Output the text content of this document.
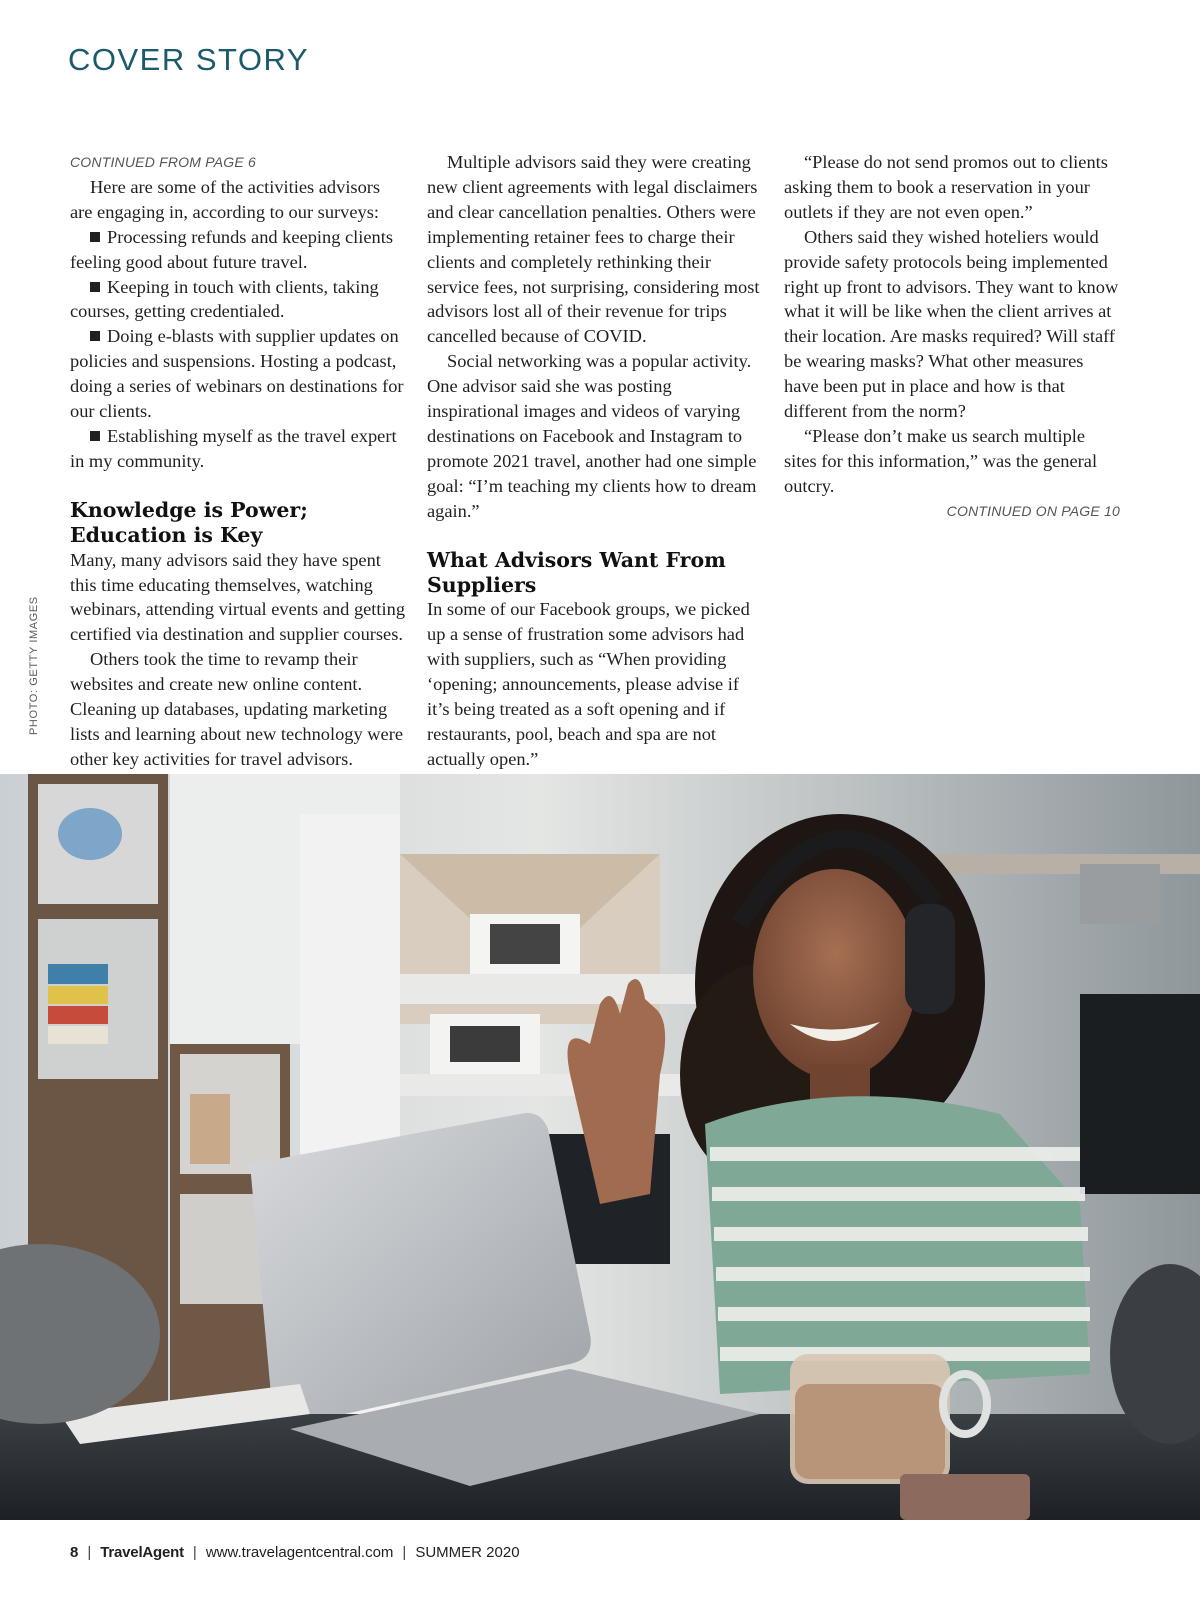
COVER STORY
PHOTO: GETTY IMAGES

CONTINUED FROM PAGE 6

Here are some of the activities advisors are engaging in, according to our surveys:

Processing refunds and keeping clients feeling good about future travel.

Keeping in touch with clients, taking courses, getting credentialed.

Doing e-blasts with supplier updates on policies and suspensions. Hosting a podcast, doing a series of webinars on destinations for our clients.

Establishing myself as the travel expert in my community.

Knowledge is Power; Education is Key

Many, many advisors said they have spent this time educating themselves, watching webinars, attending virtual events and getting certified via destination and supplier courses.

Others took the time to revamp their websites and create new online content. Cleaning up databases, updating marketing lists and learning about new technology were other key activities for travel advisors.

Multiple advisors said they were creating new client agreements with legal disclaimers and clear cancellation penalties. Others were implementing retainer fees to charge their clients and completely rethinking their service fees, not surprising, considering most advisors lost all of their revenue for trips cancelled because of COVID.

Social networking was a popular activity. One advisor said she was posting inspirational images and videos of varying destinations on Facebook and Instagram to promote 2021 travel, another had one simple goal: “I’m teaching my clients how to dream again.”

What Advisors Want From Suppliers

In some of our Facebook groups, we picked up a sense of frustration some advisors had with suppliers, such as “When providing ‘opening; announcements, please advise if it’s being treated as a soft opening and if restaurants, pool, beach and spa are not actually open.”

“Please do not send promos out to clients asking them to book a reservation in your outlets if they are not even open.”

Others said they wished hoteliers would provide safety protocols being implemented right up front to advisors. They want to know what it will be like when the client arrives at their location. Are masks required? Will staff be wearing masks? What other measures have been put in place and how is that different from the norm?

“Please don’t make us search multiple sites for this information,” was the general outcry.

CONTINUED ON PAGE 10

8 | TravelAgent | www.travelagentcentral.com | SUMMER 2020
